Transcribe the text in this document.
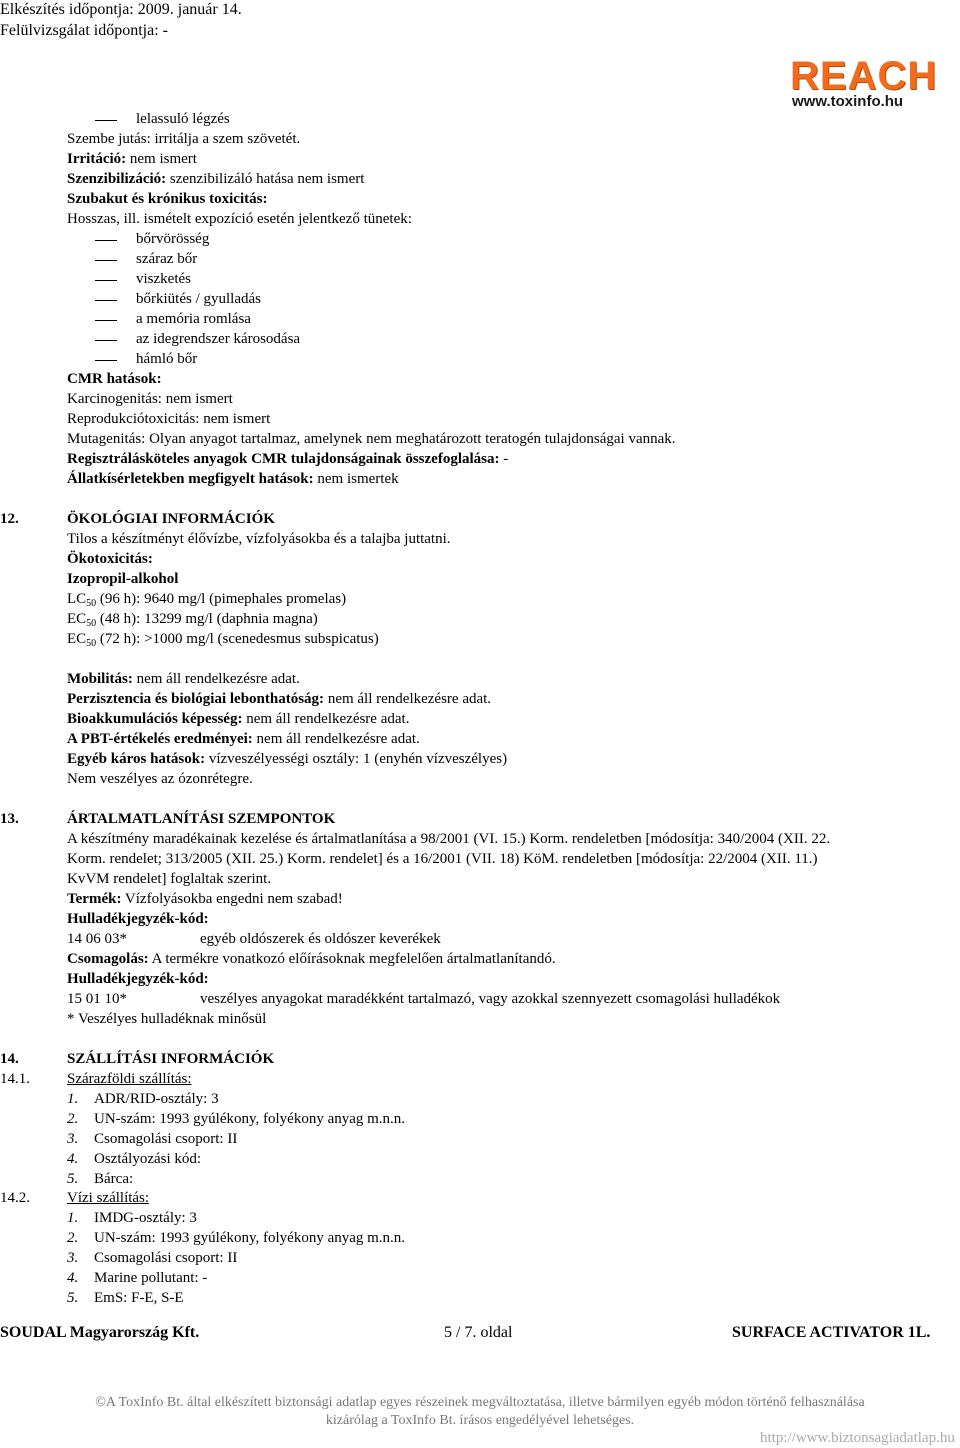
Elkészítés időpontja: 2009. január 14.
Felülvizsgálat időpontja: -
REACH
www.toxinfo.hu
lelassuló légzés
Szembe jutás: irritálja a szem szövetét.
Irritáció: nem ismert
Szenzibilizáció: szenzibilizáló hatása nem ismert
Szubakut és krónikus toxicitás:
Hosszas, ill. ismételt expozíció esetén jelentkező tünetek:
bőrvörösség
száraz bőr
viszketés
bőrkiütés / gyulladás
a memória romlása
az idegrendszer károsodása
hámló bőr
CMR hatások:
Karcinogenitás: nem ismert
Reprodukciótoxicitás: nem ismert
Mutagenitás: Olyan anyagot tartalmaz, amelynek nem meghatározott teratogén tulajdonságai vannak.
Regisztrálásköteles anyagok CMR tulajdonságainak összefoglalása: -
Állatkísérletekben megfigyelt hatások: nem ismertek
12.	ÖKOLÓGIAI INFORMÁCIÓK
Tilos a készítményt élővízbe, vízfolyásokba és a talajba juttatni.
Ökotoxicitás:
Izopropil-alkohol
$LC_{50}$ (96 h): 9640 mg/l (pimephales promelas)
$EC_{50}$ (48 h): 13299 mg/l (daphnia magna)
$EC_{50}$ (72 h): >1000 mg/l (scenedesmus subspicatus)
Mobilitás: nem áll rendelkezésre adat.
Perzisztencia és biológiai lebonthatóság: nem áll rendelkezésre adat.
Bioakkumulációs képesség: nem áll rendelkezésre adat.
A PBT-értékelés eredményei: nem áll rendelkezésre adat.
Egyéb káros hatások: vízveszélyességi osztály: 1 (enyhén vízveszélyes)
Nem veszélyes az ózonrétegre.
13.	ÁRTALMATLANÍTÁSI SZEMPONTOK
A készítmény maradékainak kezelése és ártalmatlanítása a 98/2001 (VI. 15.) Korm. rendeletben [módosítja: 340/2004 (XII. 22.
Korm. rendelet; 313/2005 (XII. 25.) Korm. rendelet] és a 16/2001 (VII. 18) KöM. rendeletben [módosítja: 22/2004 (XII. 11.)
KvVM rendelet] foglaltak szerint.
Termék: Vízfolyásokba engedni nem szabad!
Hulladékjegyzék-kód:
14 06 03*	egyéb oldószerek és oldószer keverékek
Csomagolás: A termékre vonatkozó előírásoknak megfelelően ártalmatlanítandó.
Hulladékjegyzék-kód:
15 01 10*	veszélyes anyagokat maradékként tartalmazó, vagy azokkal szennyezett csomagolási hulladékok
* Veszélyes hulladéknak minősül
14.	SZÁLLÍTÁSI INFORMÁCIÓK
14.1. Szárazföldi szállítás:
1. ADR/RID-osztály: 3
2. UN-szám: 1993 gyúlékony, folyékony anyag m.n.n.
3. Csomagolási csoport: II
4. Osztályozási kód:
5. Bárca:
14.2. Vízi szállítás:
1. IMDG-osztály: 3
2. UN-szám: 1993 gyúlékony, folyékony anyag m.n.n.
3. Csomagolási csoport: II
4. Marine pollutant: -
5. EmS: F-E, S-E
SOUDAL Magyarország Kft.	5 / 7. oldal	SURFACE ACTIVATOR 1L.
©A ToxInfo Bt. által elkészített biztonsági adatlap egyes részeinek megváltoztatása, illetve bármilyen egyéb módon történő felhasználása
kizárólag a ToxInfo Bt. írásos engedélyével lehetséges.
http://www.biztonsagiadatlap.hu
